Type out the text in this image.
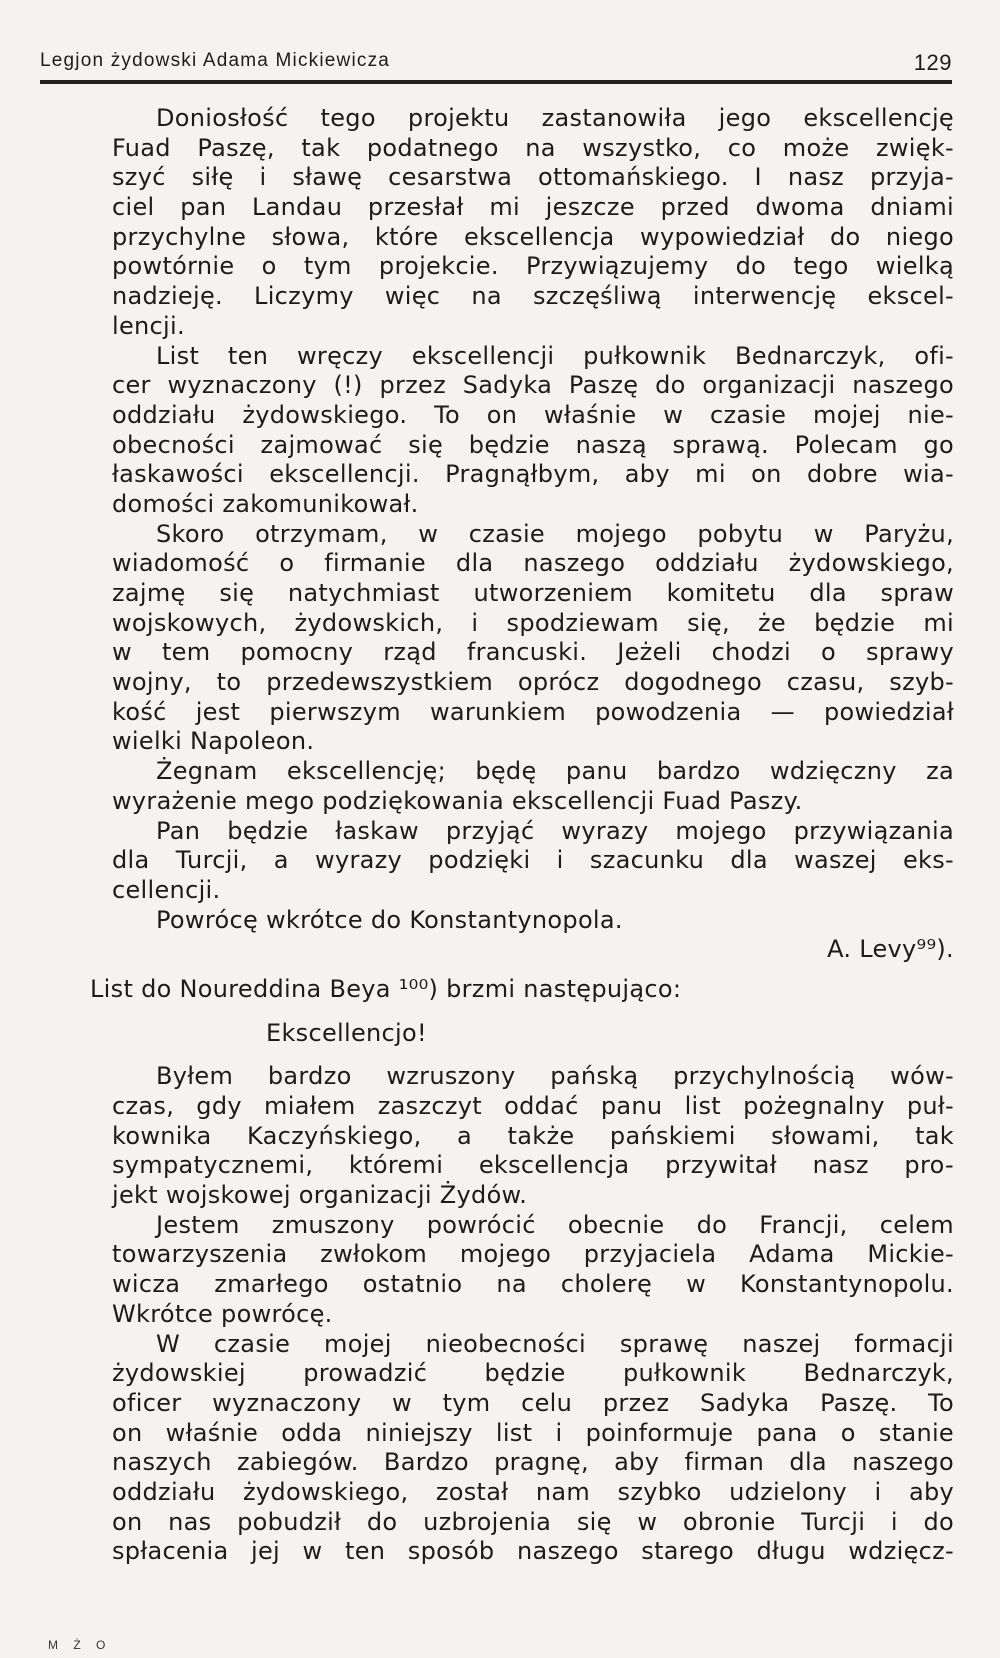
Legjon żydowski Adama Mickiewicza	129
Doniosłość tego projektu zastanowiła jego ekscellencję
Fuad Paszę, tak podatnego na wszystko, co może zwięk-
szyć siłę i sławę cesarstwa ottomańskiego. I nasz przyja-
ciel pan Landau przesłał mi jeszcze przed dwoma dniami
przychylne słowa, które ekscellencja wypowiedział do niego
powtórnie o tym projekcie. Przywiązujemy do tego wielką
nadzieję. Liczymy więc na szczęśliwą interwencję ekscel-
lencji.
List ten wręczy ekscellencji pułkownik Bednarczyk, ofi-
cer wyznaczony (!) przez Sadyka Paszę do organizacji naszego
oddziału żydowskiego. To on właśnie w czasie mojej nie-
obecności zajmować się będzie naszą sprawą. Polecam go
łaskawości ekscellencji. Pragnąłbym, aby mi on dobre wia-
domości zakomunikował.
Skoro otrzymam, w czasie mojego pobytu w Paryżu,
wiadomość o firmanie dla naszego oddziału żydowskiego,
zajmę się natychmiast utworzeniem komitetu dla spraw
wojskowych, żydowskich, i spodziewam się, że będzie mi
w tem pomocny rząd francuski. Jeżeli chodzi o sprawy
wojny, to przedewszystkiem oprócz dogodnego czasu, szyb-
kość jest pierwszym warunkiem powodzenia — powiedział
wielki Napoleon.
Żegnam ekscellencję; będę panu bardzo wdzięczny za
wyrażenie mego podziękowania ekscellencji Fuad Paszy.
Pan będzie łaskaw przyjąć wyrazy mojego przywiązania
dla Turcji, a wyrazy podzięki i szacunku dla waszej eks-
cellencji.
Powrócę wkrótce do Konstantynopola.
A. Levy⁹⁹).
List do Noureddina Beya ¹⁰⁰) brzmi następująco:
Ekscellencjo!
Byłem bardzo wzruszony pańską przychylnością wów-
czas, gdy miałem zaszczyt oddać panu list pożegnalny puł-
kownika Kaczyńskiego, a także pańskiemi słowami, tak
sympatycznemi, któremi ekscellencja przywitał nasz pro-
jekt wojskowej organizacji Żydów.
Jestem zmuszony powrócić obecnie do Francji, celem
towarzyszenia zwłokom mojego przyjaciela Adama Mickie-
wicza zmarłego ostatnio na cholerę w Konstantynopolu.
Wkrótce powrócę.
W czasie mojej nieobecności sprawę naszej formacji
żydowskiej prowadzić będzie pułkownik Bednarczyk,
oficer wyznaczony w tym celu przez Sadyka Paszę. To
on właśnie odda niniejszy list i poinformuje pana o stanie
naszych zabiegów. Bardzo pragnę, aby firman dla naszego
oddziału żydowskiego, został nam szybko udzielony i aby
on nas pobudził do uzbrojenia się w obronie Turcji i do
spłacenia jej w ten sposób naszego starego długu wdzięcz-
M Ż O
